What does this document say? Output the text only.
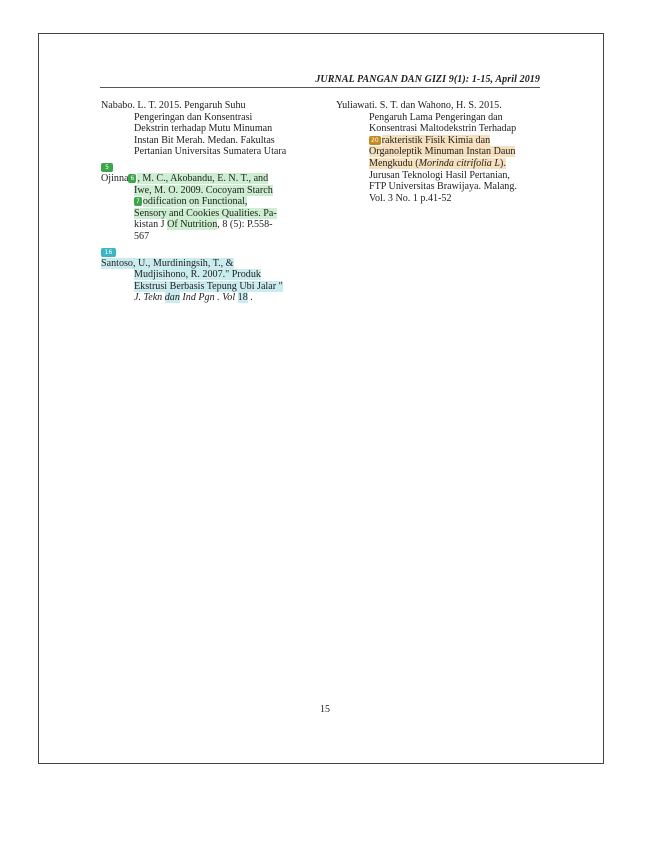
JURNAL PANGAN DAN GIZI 9(1): 1-15, April 2019
Nababo. L. T. 2015. Pengaruh Suhu
Pengeringan dan Konsentrasi
Dekstrin terhadap Mutu Minuman
Instan Bit Merah. Medan. Fakultas
Pertanian Universitas Sumatera Utara
5
Ojinna 6 , M. C., Akobandu, E. N. T., and
Iwe, M. O. 2009. Cocoyam Starch
7 odification on Functional,
Sensory and Cookies Qualities. Pa-
kistan J Of Nutrition, 8 (5): P.558-
567
16
Santoso, U., Murdiningsih, T., &
Mudjisihono, R. 2007." Produk
Ekstrusi Berbasis Tepung Ubi Jalar "
J. Tekn dan Ind Pgn . Vol 18 .
Yuliawati. S. T. dan Wahono, H. S. 2015.
Pengaruh Lama Pengeringan dan
Konsentrasi Maltodekstrin Terhadap
20 rakteristik Fisik Kimia dan
Organoleptik Minuman Instan Daun
Mengkudu (Morinda citrifolia L).
Jurusan Teknologi Hasil Pertanian,
FTP Universitas Brawijaya. Malang.
Vol. 3 No. 1 p.41-52
15
